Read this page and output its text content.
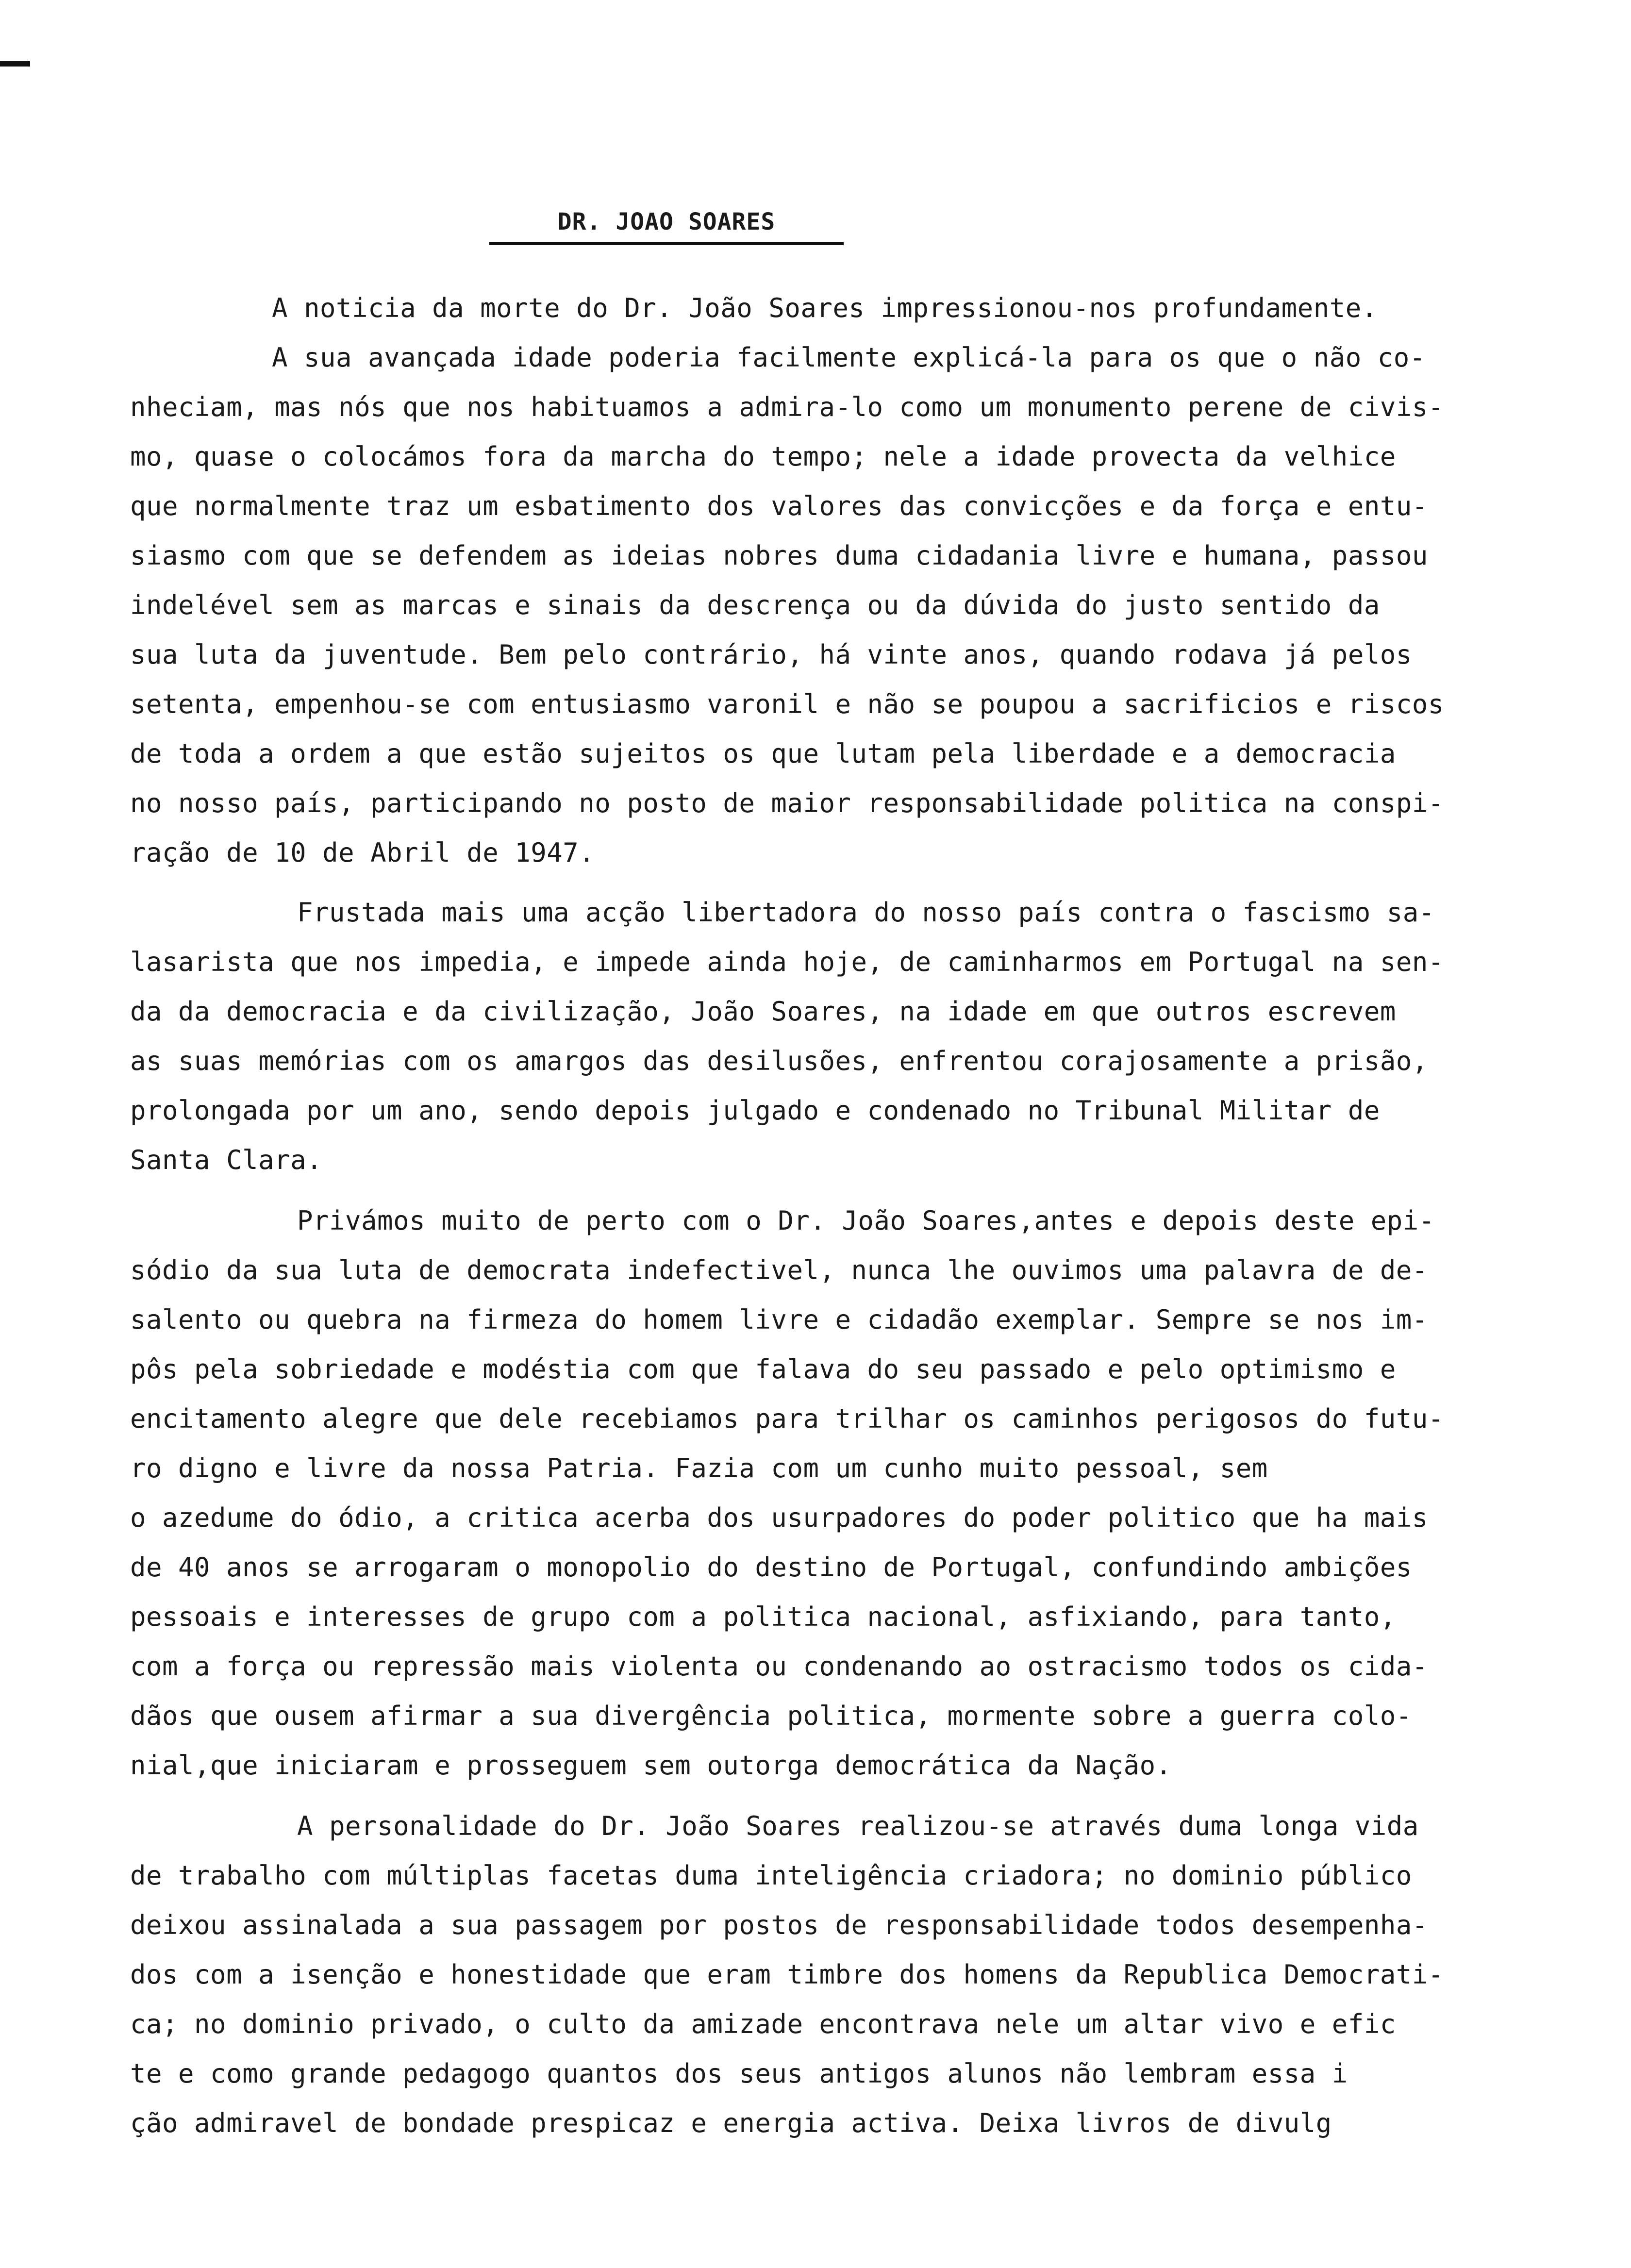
DR. JOAO SOARES
A noticia da morte do Dr. João Soares impressionou-nos profundamente.
A sua avançada idade poderia facilmente explicá-la para os que o não co-
nheciam, mas nós que nos habituamos a admira-lo como um monumento perene de civis-
mo, quase o colocámos fora da marcha do tempo; nele a idade provecta da velhice
que normalmente traz um esbatimento dos valores das convicções e da força e entu-
siasmo com que se defendem as ideias nobres duma cidadania livre e humana, passou
indelével sem as marcas e sinais da descrença ou da dúvida do justo sentido da
sua luta da juventude. Bem pelo contrário, há vinte anos, quando rodava já pelos
setenta, empenhou-se com entusiasmo varonil e não se poupou a sacrificios e riscos
de toda a ordem a que estão sujeitos os que lutam pela liberdade e a democracia
no nosso país, participando no posto de maior responsabilidade politica na conspi-
ração de 10 de Abril de 1947.
Frustada mais uma acção libertadora do nosso país contra o fascismo sa-
lasarista que nos impedia, e impede ainda hoje, de caminharmos em Portugal na sen-
da da democracia e da civilização, João Soares, na idade em que outros escrevem
as suas memórias com os amargos das desilusões, enfrentou corajosamente a prisão,
prolongada por um ano, sendo depois julgado e condenado no Tribunal Militar de
Santa Clara.
Privámos muito de perto com o Dr. João Soares,antes e depois deste epi-
sódio da sua luta de democrata indefectivel, nunca lhe ouvimos uma palavra de de-
salento ou quebra na firmeza do homem livre e cidadão exemplar. Sempre se nos im-
pôs pela sobriedade e modéstia com que falava do seu passado e pelo optimismo e
encitamento alegre que dele recebiamos para trilhar os caminhos perigosos do futu-
ro digno e livre da nossa Patria. Fazia com um cunho muito pessoal, sem
o azedume do ódio, a critica acerba dos usurpadores do poder politico que ha mais
de 40 anos se arrogaram o monopolio do destino de Portugal, confundindo ambições
pessoais e interesses de grupo com a politica nacional, asfixiando, para tanto,
com a força ou repressão mais violenta ou condenando ao ostracismo todos os cida-
dãos que ousem afirmar a sua divergência politica, mormente sobre a guerra colo-
nial,que iniciaram e prosseguem sem outorga democrática da Nação.
A personalidade do Dr. João Soares realizou-se através duma longa vida
de trabalho com múltiplas facetas duma inteligência criadora; no dominio público
deixou assinalada a sua passagem por postos de responsabilidade todos desempenha-
dos com a isenção e honestidade que eram timbre dos homens da Republica Democrati-
ca; no dominio privado, o culto da amizade encontrava nele um altar vivo e efic
te e como grande pedagogo quantos dos seus antigos alunos não lembram essa i
ção admiravel de bondade prespicaz e energia activa. Deixa livros de divulg
